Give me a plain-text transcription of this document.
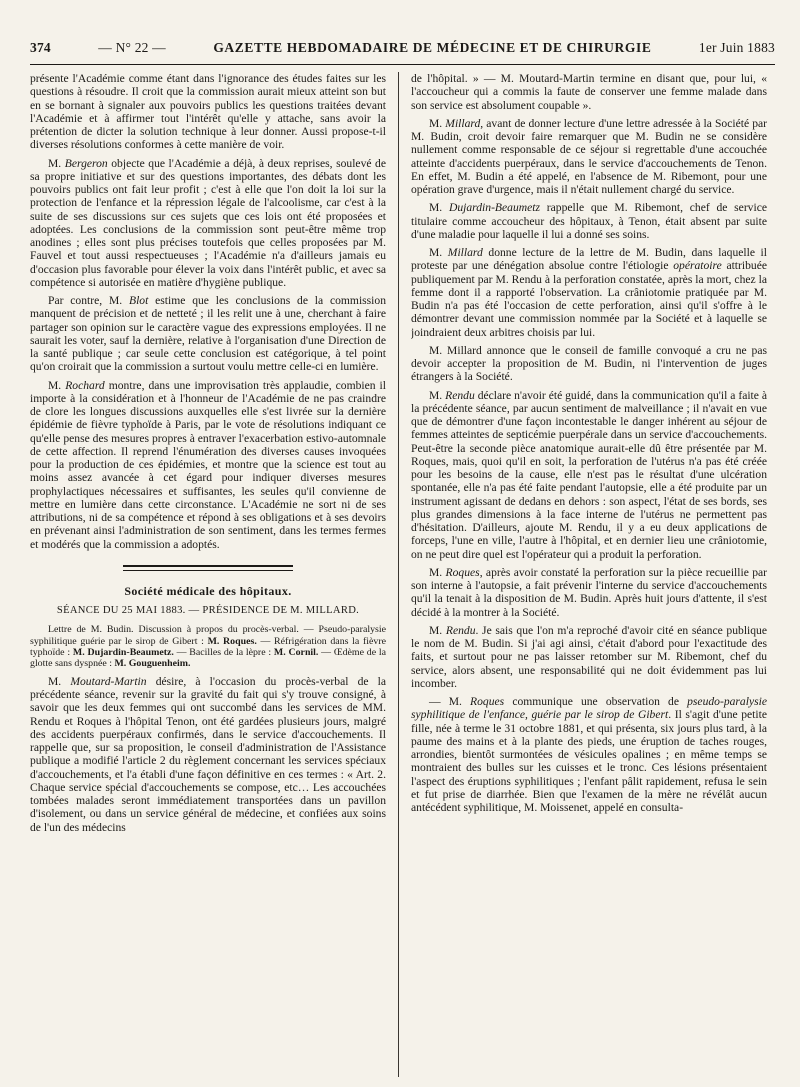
374	— N° 22 —	GAZETTE HEBDOMADAIRE DE MÉDECINE ET DE CHIRURGIE	1er Juin 1883

présente l'Académie comme étant dans l'ignorance des études faites sur les questions à résoudre. Il croit que la commission aurait mieux atteint son but en se bornant à signaler aux pouvoirs publics les questions traitées devant l'Académie et à affirmer tout l'intérêt qu'elle y attache, sans avoir la prétention de dicter la solution technique à leur donner. Aussi propose-t-il diverses résolutions conformes à cette manière de voir.

M. Bergeron objecte que l'Académie a déjà, à deux reprises, soulevé de sa propre initiative et sur des questions importantes, des débats dont les pouvoirs publics ont fait leur profit ; c'est à elle que l'on doit la loi sur la protection de l'enfance et la répression légale de l'alcoolisme, car c'est à la suite de ses discussions sur ces sujets que ces lois ont été proposées et adoptées. Les conclusions de la commission sont peut-être même trop anodines ; elles sont plus précises toutefois que celles proposées par M. Fauvel et tout aussi respectueuses ; l'Académie n'a d'ailleurs jamais eu d'occasion plus favorable pour élever la voix dans l'intérêt public, et avec sa compétence si autorisée en matière d'hygiène publique.

Par contre, M. Blot estime que les conclusions de la commission manquent de précision et de netteté ; il les relit une à une, cherchant à faire partager son opinion sur le caractère vague des expressions employées. Il ne saurait les voter, sauf la dernière, relative à l'organisation d'une Direction de la santé publique ; car seule cette conclusion est catégorique, à tel point qu'on croirait que la commission a surtout voulu mettre celle-ci en lumière.

M. Rochard montre, dans une improvisation très applaudie, combien il importe à la considération et à l'honneur de l'Académie de ne pas craindre de clore les longues discussions auxquelles elle s'est livrée sur la dernière épidémie de fièvre typhoïde à Paris, par le vote de résolutions indiquant ce qu'elle pense des mesures propres à entraver l'exacerbation estivo-automnale de cette affection. Il reprend l'énumération des diverses causes invoquées pour la production de ces épidémies, et montre que la science est tout au moins assez avancée à cet égard pour indiquer diverses mesures prophylactiques nécessaires et suffisantes, les seules qu'il convienne de mettre en lumière dans cette circonstance. L'Académie ne sort ni de ses attributions, ni de sa compétence et répond à ses obligations et à ses devoirs en prévenant ainsi l'administration de son sentiment, dans les termes fermes et modérés que la commission a adoptés.

Société médicale des hôpitaux.
SÉANCE DU 25 MAI 1883. — PRÉSIDENCE DE M. MILLARD.

Lettre de M. Budin. Discussion à propos du procès-verbal. — Pseudo-paralysie syphilitique guérie par le sirop de Gibert : M. Roques. — Réfrigération dans la fièvre typhoïde : M. Dujardin-Beaumetz. — Bacilles de la lèpre : M. Cornil. — Œdème de la glotte sans dyspnée : M. Gouguenheim.

M. Moutard-Martin désire, à l'occasion du procès-verbal de la précédente séance, revenir sur la gravité du fait qui s'y trouve consigné, à savoir que les deux femmes qui ont succombé dans les services de MM. Rendu et Roques à l'hôpital Tenon, ont été gardées plusieurs jours, malgré des accidents puerpéraux confirmés, dans le service d'accouchements. Il rappelle que, sur sa proposition, le conseil d'administration de l'Assistance publique a modifié l'article 2 du règlement concernant les services spéciaux d'accouchements, et l'a établi d'une façon définitive en ces termes : « Art. 2. Chaque service spécial d'accouchements se compose, etc… Les accouchées tombées malades seront immédiatement transportées dans un pavillon d'isolement, ou dans un service général de médecine, et confiées aux soins de l'un des médecins

de l'hôpital. » — M. Moutard-Martin termine en disant que, pour lui, « l'accoucheur qui a commis la faute de conserver une femme malade dans son service est absolument coupable ».

M. Millard, avant de donner lecture d'une lettre adressée à la Société par M. Budin, croit devoir faire remarquer que M. Budin ne se considère nullement comme responsable de ce séjour si regrettable d'une accouchée atteinte d'accidents puerpéraux, dans le service d'accouchements de Tenon. En effet, M. Budin a été appelé, en l'absence de M. Ribemont, pour une opération grave d'urgence, mais il n'était nullement chargé du service.

M. Dujardin-Beaumetz rappelle que M. Ribemont, chef de service titulaire comme accoucheur des hôpitaux, à Tenon, était absent par suite d'une maladie pour laquelle il lui a donné ses soins.

M. Millard donne lecture de la lettre de M. Budin, dans laquelle il proteste par une dénégation absolue contre l'étiologie opératoire attribuée publiquement par M. Rendu à la perforation constatée, après la mort, chez la femme dont il a rapporté l'observation. La crâniotomie pratiquée par M. Budin n'a pas été l'occasion de cette perforation, ainsi qu'il s'offre à le démontrer devant une commission nommée par la Société et à laquelle se joindraient deux arbitres choisis par lui.

M. Millard annonce que le conseil de famille convoqué a cru ne pas devoir accepter la proposition de M. Budin, ni l'intervention de juges étrangers à la Société.

M. Rendu déclare n'avoir été guidé, dans la communication qu'il a faite à la précédente séance, par aucun sentiment de malveillance ; il n'avait en vue que de démontrer d'une façon incontestable le danger inhérent au séjour de femmes atteintes de septicémie puerpérale dans un service d'accouchements. Peut-être la seconde pièce anatomique aurait-elle dû être présentée par M. Roques, mais, quoi qu'il en soit, la perforation de l'utérus n'a pas été créée pour les besoins de la cause, elle n'est pas le résultat d'une ulcération spontanée, elle n'a pas été faite pendant l'autopsie, elle a été produite par un instrument agissant de dedans en dehors : son aspect, l'état de ses bords, ses plus grandes dimensions à la face interne de l'utérus ne permettent pas d'hésitation. D'ailleurs, ajoute M. Rendu, il y a eu deux applications de forceps, l'une en ville, l'autre à l'hôpital, et en dernier lieu une crâniotomie, on ne peut dire quel est l'opérateur qui a produit la perforation.

M. Roques, après avoir constaté la perforation sur la pièce recueillie par son interne à l'autopsie, a fait prévenir l'interne du service d'accouchements qu'il la tenait à la disposition de M. Budin. Après huit jours d'attente, il s'est décidé à la montrer à la Société.

M. Rendu. Je sais que l'on m'a reproché d'avoir cité en séance publique le nom de M. Budin. Si j'ai agi ainsi, c'était d'abord pour l'exactitude des faits, et surtout pour ne pas laisser retomber sur M. Ribemont, chef du service, alors absent, une responsabilité qui ne doit évidemment pas lui incomber.

— M. Roques communique une observation de pseudo-paralysie syphilitique de l'enfance, guérie par le sirop de Gibert. Il s'agit d'une petite fille, née à terme le 31 octobre 1881, et qui présenta, six jours plus tard, à la paume des mains et à la plante des pieds, une éruption de taches rouges, arrondies, bientôt surmontées de vésicules opalines ; en même temps se montraient des bulles sur les cuisses et le tronc. Ces lésions présentaient l'aspect des éruptions syphilitiques ; l'enfant pâlit rapidement, refusa le sein et fut prise de diarrhée. Bien que l'examen de la mère ne révélât aucun antécédent syphilitique, M. Moissenet, appelé en consulta-
